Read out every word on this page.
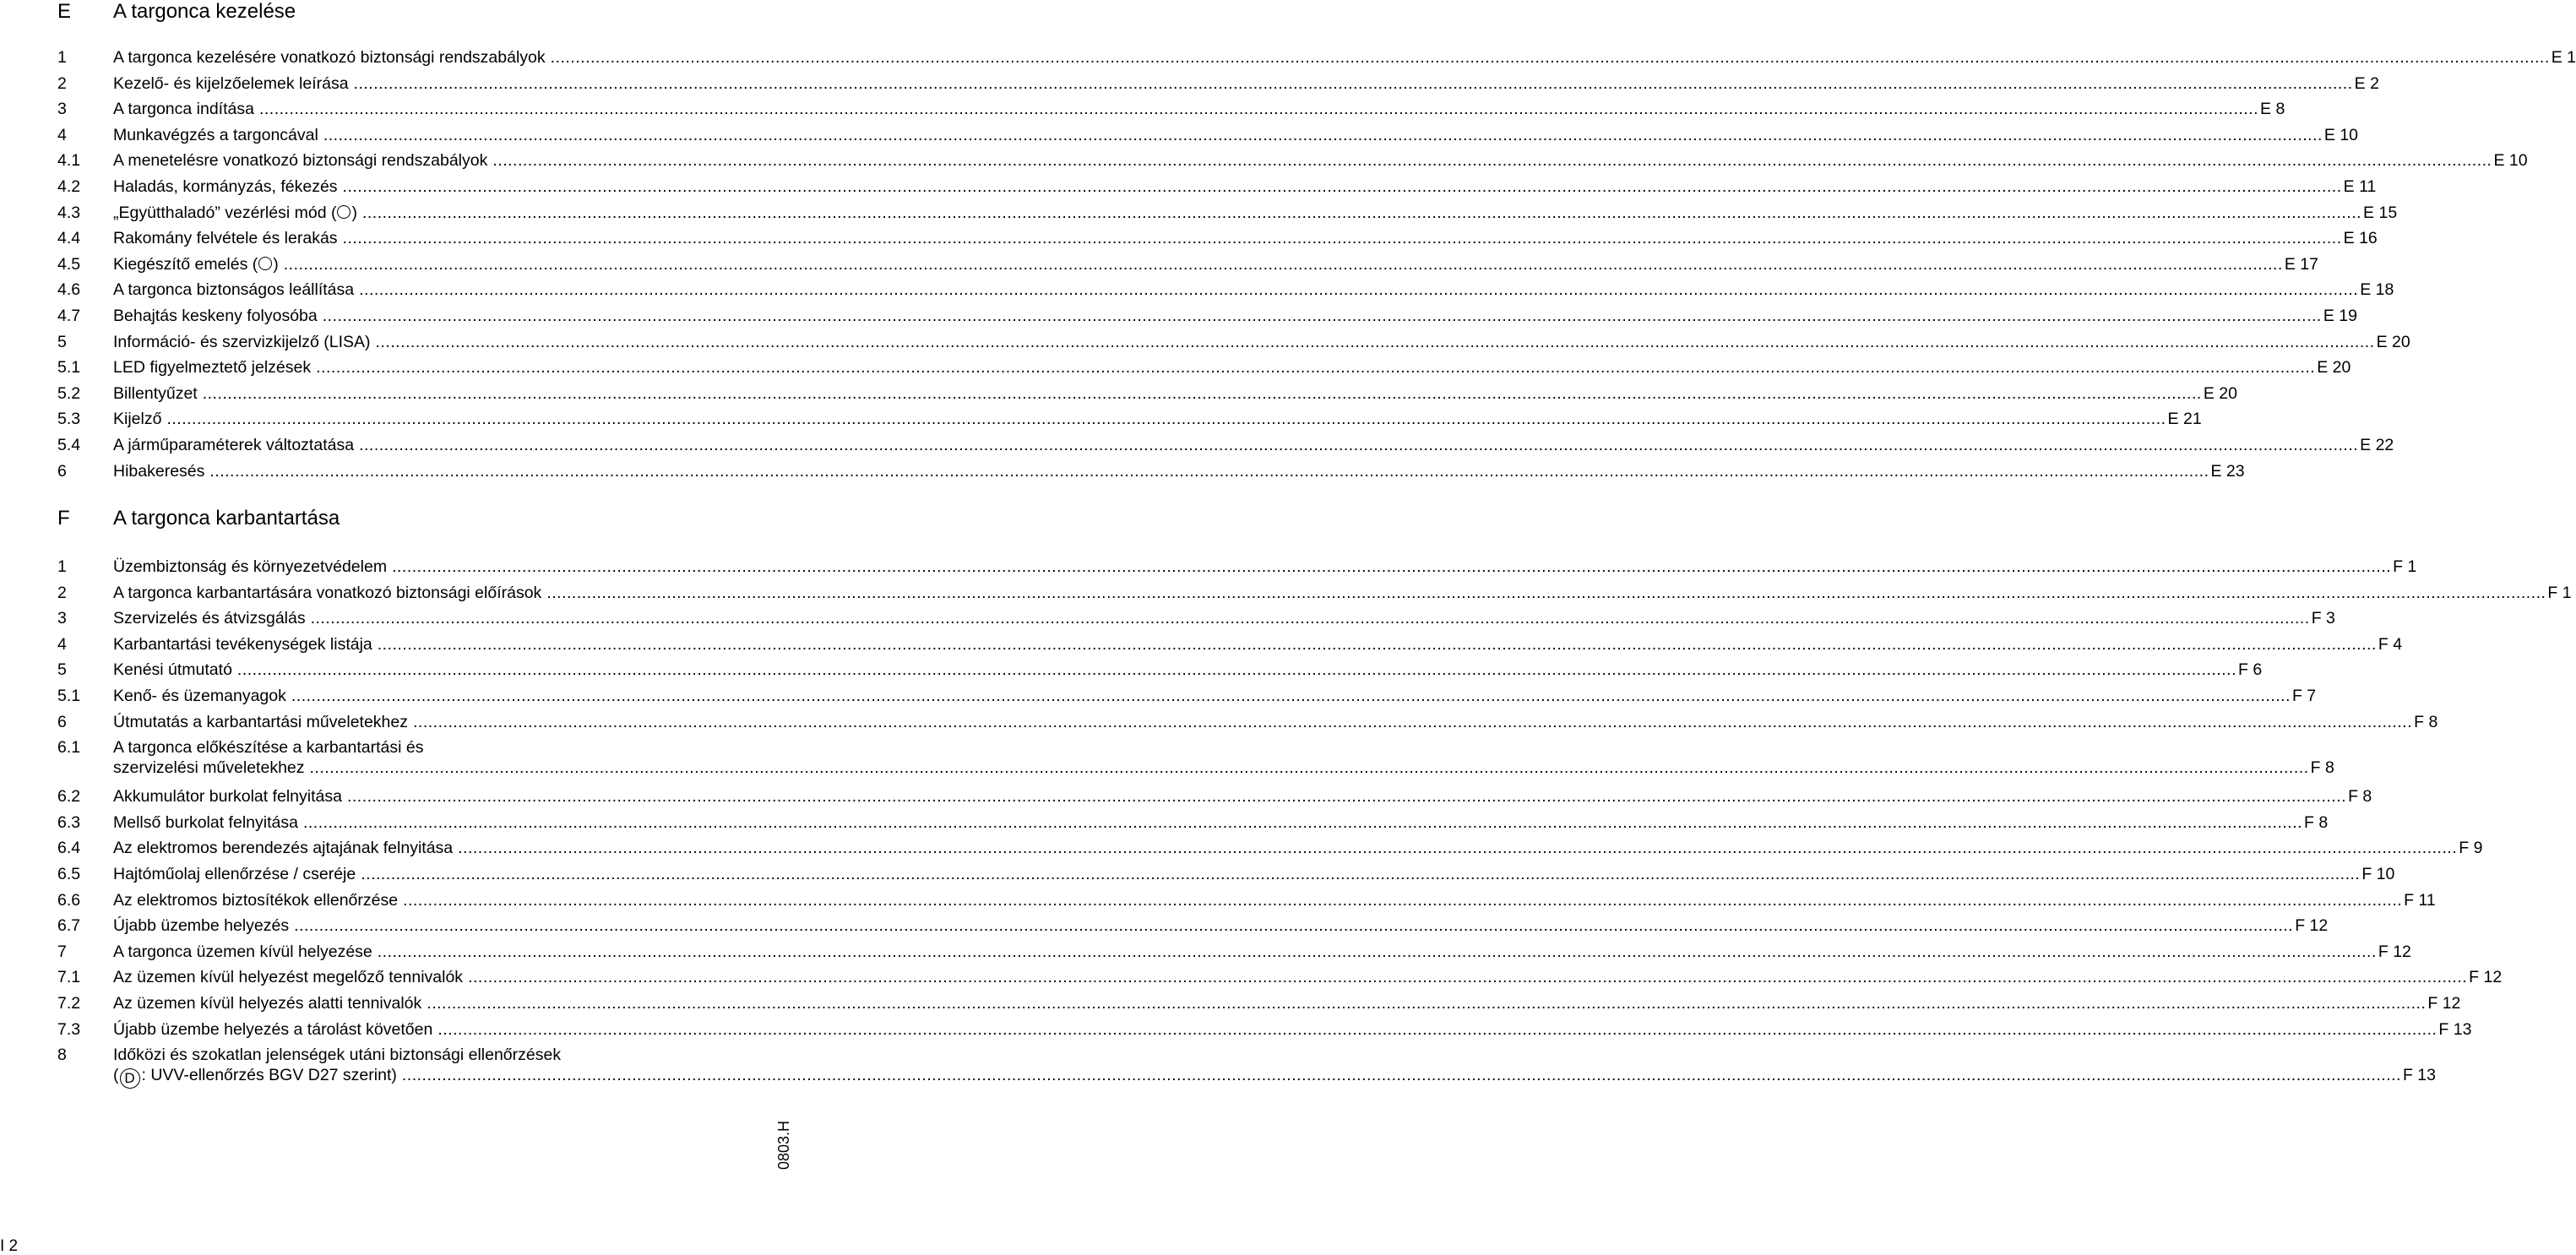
E A targonca kezelése
1	A targonca kezelésére vonatkozó biztonsági rendszabályok ................................................................................................................................................................................................................................................................................................................................................................................................................ E 1
2	Kezelő- és kijelzőelemek leírása ................................................................................................................................................................................................................................................................................................................................................................................................................ E 2
3	A targonca indítása ................................................................................................................................................................................................................................................................................................................................................................................................................ E 8
4	Munkavégzés a targoncával ................................................................................................................................................................................................................................................................................................................................................................................................................ E 10
4.1 A menetelésre vonatkozó biztonsági rendszabályok ................................................................................................................................................................................................................................................................................................................................................................................................................ E 10
4.2 Haladás, kormányzás, fékezés ................................................................................................................................................................................................................................................................................................................................................................................................................ E 11
4.3 „Együtthaladó” vezérlési mód ( ) ................................................................................................................................................................................................................................................................................................................................................................................................................ E 15
4.4 Rakomány felvétele és lerakás ................................................................................................................................................................................................................................................................................................................................................................................................................ E 16
4.5 Kiegészítő emelés ( ) ................................................................................................................................................................................................................................................................................................................................................................................................................ E 17
4.6 A targonca biztonságos leállítása ................................................................................................................................................................................................................................................................................................................................................................................................................ E 18
4.7 Behajtás keskeny folyosóba ................................................................................................................................................................................................................................................................................................................................................................................................................ E 19
5	Információ- és szervizkijelző (LISA) ................................................................................................................................................................................................................................................................................................................................................................................................................ E 20
5.1 LED figyelmeztető jelzések ................................................................................................................................................................................................................................................................................................................................................................................................................ E 20
5.2 Billentyűzet ................................................................................................................................................................................................................................................................................................................................................................................................................ E 20
5.3 Kijelző ................................................................................................................................................................................................................................................................................................................................................................................................................ E 21
5.4 A járműparaméterek változtatása ................................................................................................................................................................................................................................................................................................................................................................................................................ E 22
6	Hibakeresés ................................................................................................................................................................................................................................................................................................................................................................................................................ E 23
F A targonca karbantartása
1	Üzembiztonság és környezetvédelem ................................................................................................................................................................................................................................................................................................................................................................................................................ F 1
2	A targonca karbantartására vonatkozó biztonsági előírások ................................................................................................................................................................................................................................................................................................................................................................................................................ F 1
3	Szervizelés és átvizsgálás ................................................................................................................................................................................................................................................................................................................................................................................................................ F 3
4	Karbantartási tevékenységek listája ................................................................................................................................................................................................................................................................................................................................................................................................................ F 4
5	Kenési útmutató ................................................................................................................................................................................................................................................................................................................................................................................................................ F 6
5.1 Kenő- és üzemanyagok ................................................................................................................................................................................................................................................................................................................................................................................................................ F 7
6	Útmutatás a karbantartási műveletekhez ................................................................................................................................................................................................................................................................................................................................................................................................................ F 8
6.1 A targonca előkészítése a karbantartási és
szervizelési műveletekhez ................................................................................................................................................................................................................................................................................................................................................................................................................ F 8
6.2 Akkumulátor burkolat felnyitása ................................................................................................................................................................................................................................................................................................................................................................................................................ F 8
6.3 Mellső burkolat felnyitása ................................................................................................................................................................................................................................................................................................................................................................................................................ F 8
6.4 Az elektromos berendezés ajtajának felnyitása ................................................................................................................................................................................................................................................................................................................................................................................................................ F 9
6.5 Hajtóműolaj ellenőrzése / cseréje ................................................................................................................................................................................................................................................................................................................................................................................................................ F 10
6.6 Az elektromos biztosítékok ellenőrzése ................................................................................................................................................................................................................................................................................................................................................................................................................ F 11
6.7 Újabb üzembe helyezés ................................................................................................................................................................................................................................................................................................................................................................................................................ F 12
7	A targonca üzemen kívül helyezése ................................................................................................................................................................................................................................................................................................................................................................................................................ F 12
7.1 Az üzemen kívül helyezést megelőző tennivalók ................................................................................................................................................................................................................................................................................................................................................................................................................ F 12
7.2 Az üzemen kívül helyezés alatti tennivalók ................................................................................................................................................................................................................................................................................................................................................................................................................ F 12
7.3 Újabb üzembe helyezés a tárolást követően ................................................................................................................................................................................................................................................................................................................................................................................................................ F 13
8	Időközi és szokatlan jelenségek utáni biztonsági ellenőrzések
( D : UVV-ellenőrzés BGV D27 szerint) ................................................................................................................................................................................................................................................................................................................................................................................................................ F 13
0803.H
I 2
